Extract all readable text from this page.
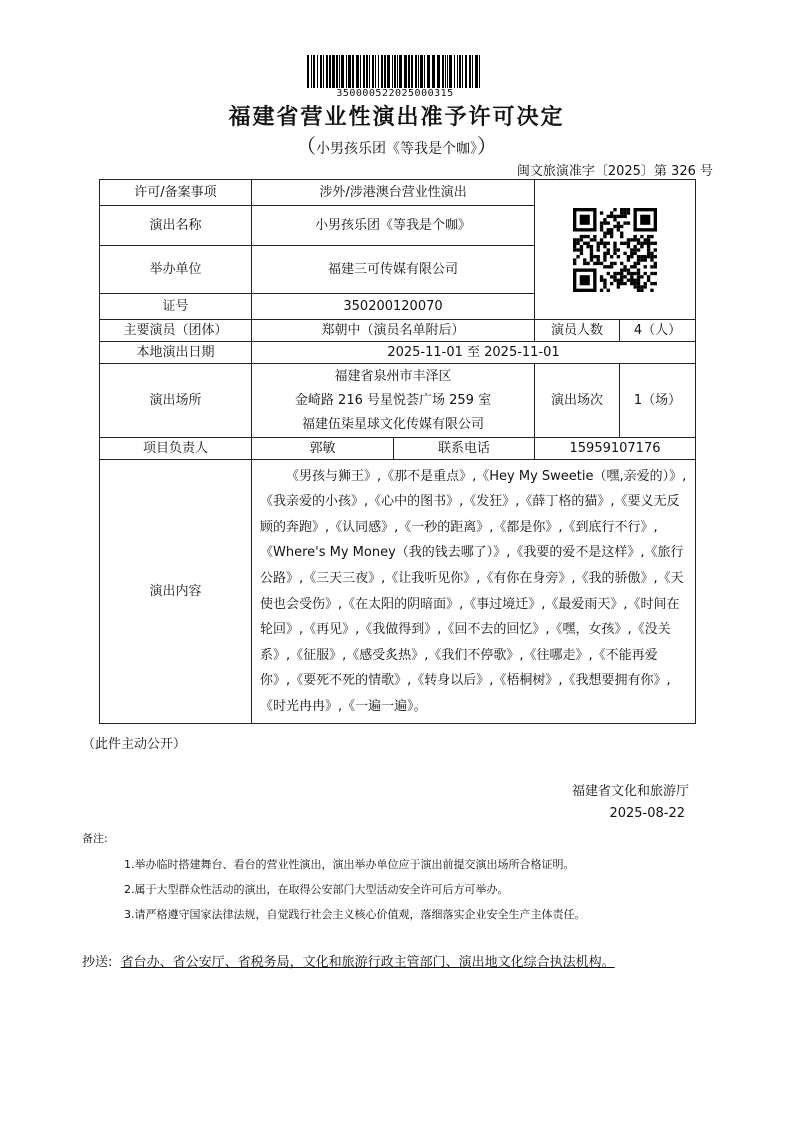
350000522025000315
福建省营业性演出准予许可决定
（小男孩乐团《等我是个咖》）
闽文旅演准字〔2025〕第 326 号
许可/备案事项	涉外/涉港澳台营业性演出	

演出名称	小男孩乐团《等我是个咖》			
举办单位	福建三可传媒有限公司			
证号	350200120070			
主要演员（团体）	郑朝中（演员名单附后）		演员人数	4（人）
本地演出日期	2025-11-01 至 2025-11-01			
演出场所	福建省泉州市丰泽区
金崎路 216 号星悦荟广场 259 室
福建伍柒星球文化传媒有限公司		演出场次	1（场）
项目负责人	郭敏	联系电话	15959107176	
演出内容	《男孩与狮王》,《那不是重点》,《Hey My Sweetie（嘿,亲爱的）》,《我亲爱的小孩》,《心中的图书》,《发狂》,《薛丁格的猫》,《要义无反顾的奔跑》,《认同感》,《一秒的距离》,《都是你》,《到底行不行》,《Where's My Money（我的钱去哪了）》,《我要的爱不是这样》,《旅行公路》,《三天三夜》,《让我听见你》,《有你在身旁》,《我的骄傲》,《天使也会受伤》,《在太阳的阴暗面》,《事过境迁》,《最爱雨天》,《时间在轮回》,《再见》,《我做得到》,《回不去的回忆》,《嘿，女孩》,《没关系》,《征服》,《感受炙热》,《我们不停歌》,《往哪走》,《不能再爱你》,《要死不死的情歌》,《转身以后》,《梧桐树》,《我想要拥有你》,《时光冉冉》,《一遍一遍》。			
（此件主动公开）
福建省文化和旅游厅
2025-08-22
备注:
1.举办临时搭建舞台、看台的营业性演出，演出举办单位应于演出前提交演出场所合格证明。
2.属于大型群众性活动的演出，在取得公安部门大型活动安全许可后方可举办。
3.请严格遵守国家法律法规，自觉践行社会主义核心价值观，落细落实企业安全生产主体责任。
抄送: 省台办、省公安厅、省税务局，文化和旅游行政主管部门、演出地文化综合执法机构。
